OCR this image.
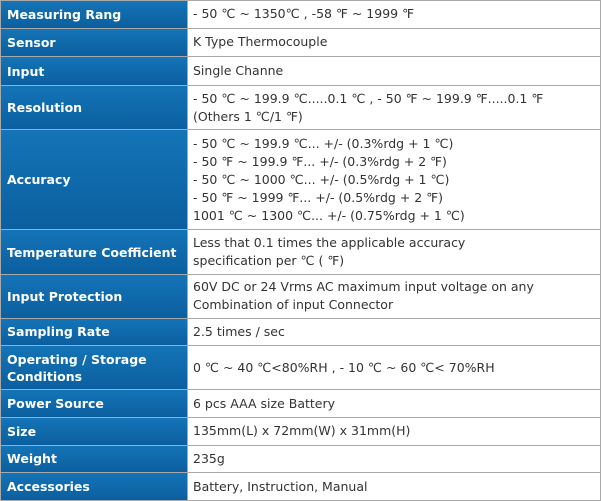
Measuring Rang	- 50 ℃ ~ 1350℃ , -58 ℉ ~ 1999 ℉

Sensor	K Type Thermocouple

Input	Single Channe

Resolution	- 50 ℃ ~ 199.9 ℃.....0.1 ℃ , - 50 ℉ ~ 199.9 ℉.....0.1 ℉
(Others 1 ℃/1 ℉)

Accuracy	- 50 ℃ ~ 199.9 ℃... +/- (0.3%rdg + 1 ℃)
- 50 ℉ ~ 199.9 ℉... +/- (0.3%rdg + 2 ℉)
- 50 ℃ ~ 1000 ℃... +/- (0.5%rdg + 1 ℃)
- 50 ℉ ~ 1999 ℉... +/- (0.5%rdg + 2 ℉)
1001 ℃ ~ 1300 ℃... +/- (0.75%rdg + 1 ℃)

Temperature Coefficient	Less that 0.1 times the applicable accuracy
specification per ℃ ( ℉)

Input Protection	60V DC or 24 Vrms AC maximum input voltage on any
Combination of input Connector

Sampling Rate	2.5 times / sec

Operating / Storage Conditions	0 ℃ ~ 40 ℃<80%RH , - 10 ℃ ~ 60 ℃< 70%RH

Power Source	6 pcs AAA size Battery

Size	135mm(L) x 72mm(W) x 31mm(H)

Weight	235g

Accessories	Battery, Instruction, Manual
